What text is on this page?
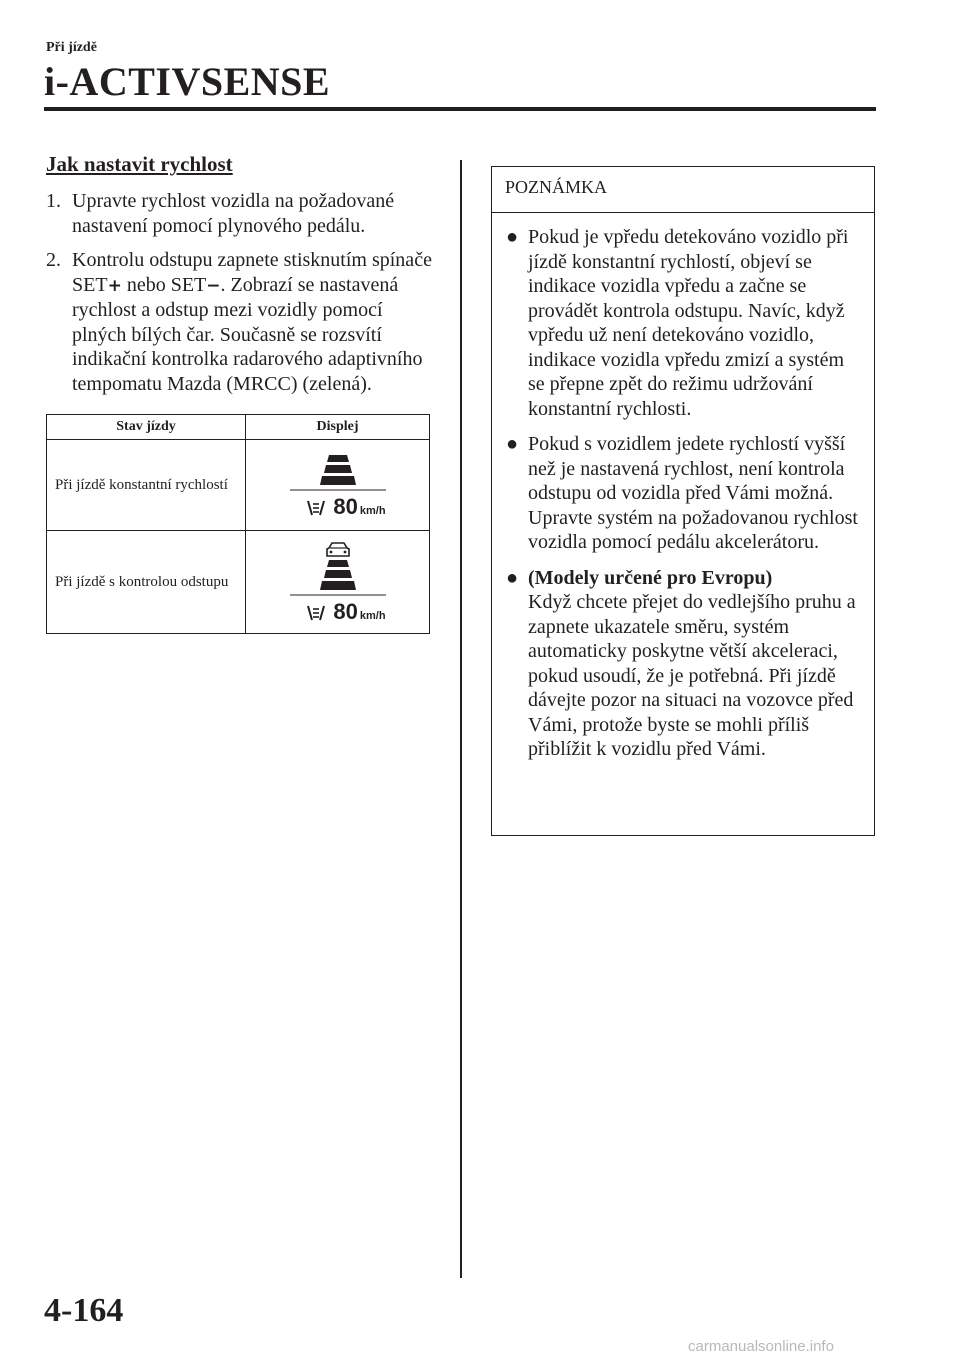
Při jízdě
i-ACTIVSENSE
Jak nastavit rychlost
1. Upravte rychlost vozidla na požadované nastavení pomocí plynového pedálu.
2. Kontrolu odstupu zapnete stisknutím spínače SET+ nebo SET−. Zobrazí se nastavená rychlost a odstup mezi vozidly pomocí plných bílých čar. Současně se rozsvítí indikační kontrolka radarového adaptivního tempomatu Mazda (MRCC) (zelená).
Stav jízdy	Displej
Při jízdě konstantní rychlostí	80 km/h

Při jízdě s kontrolou odstupu	80 km/h
POZNÁMKA
● Pokud je vpředu detekováno vozidlo při jízdě konstantní rychlostí, objeví se indikace vozidla vpředu a začne se provádět kontrola odstupu. Navíc, když vpředu už není detekováno vozidlo, indikace vozidla vpředu zmizí a systém se přepne zpět do režimu udržování konstantní rychlosti.
● Pokud s vozidlem jedete rychlostí vyšší než je nastavená rychlost, není kontrola odstupu od vozidla před Vámi možná. Upravte systém na požadovanou rychlost vozidla pomocí pedálu akcelerátoru.
● (Modely určené pro Evropu)
Když chcete přejet do vedlejšího pruhu a zapnete ukazatele směru, systém automaticky poskytne větší akceleraci, pokud usoudí, že je potřebná. Při jízdě dávejte pozor na situaci na vozovce před Vámi, protože byste se mohli příliš přiblížit k vozidlu před Vámi.
4-164
carmanualsonline.info
